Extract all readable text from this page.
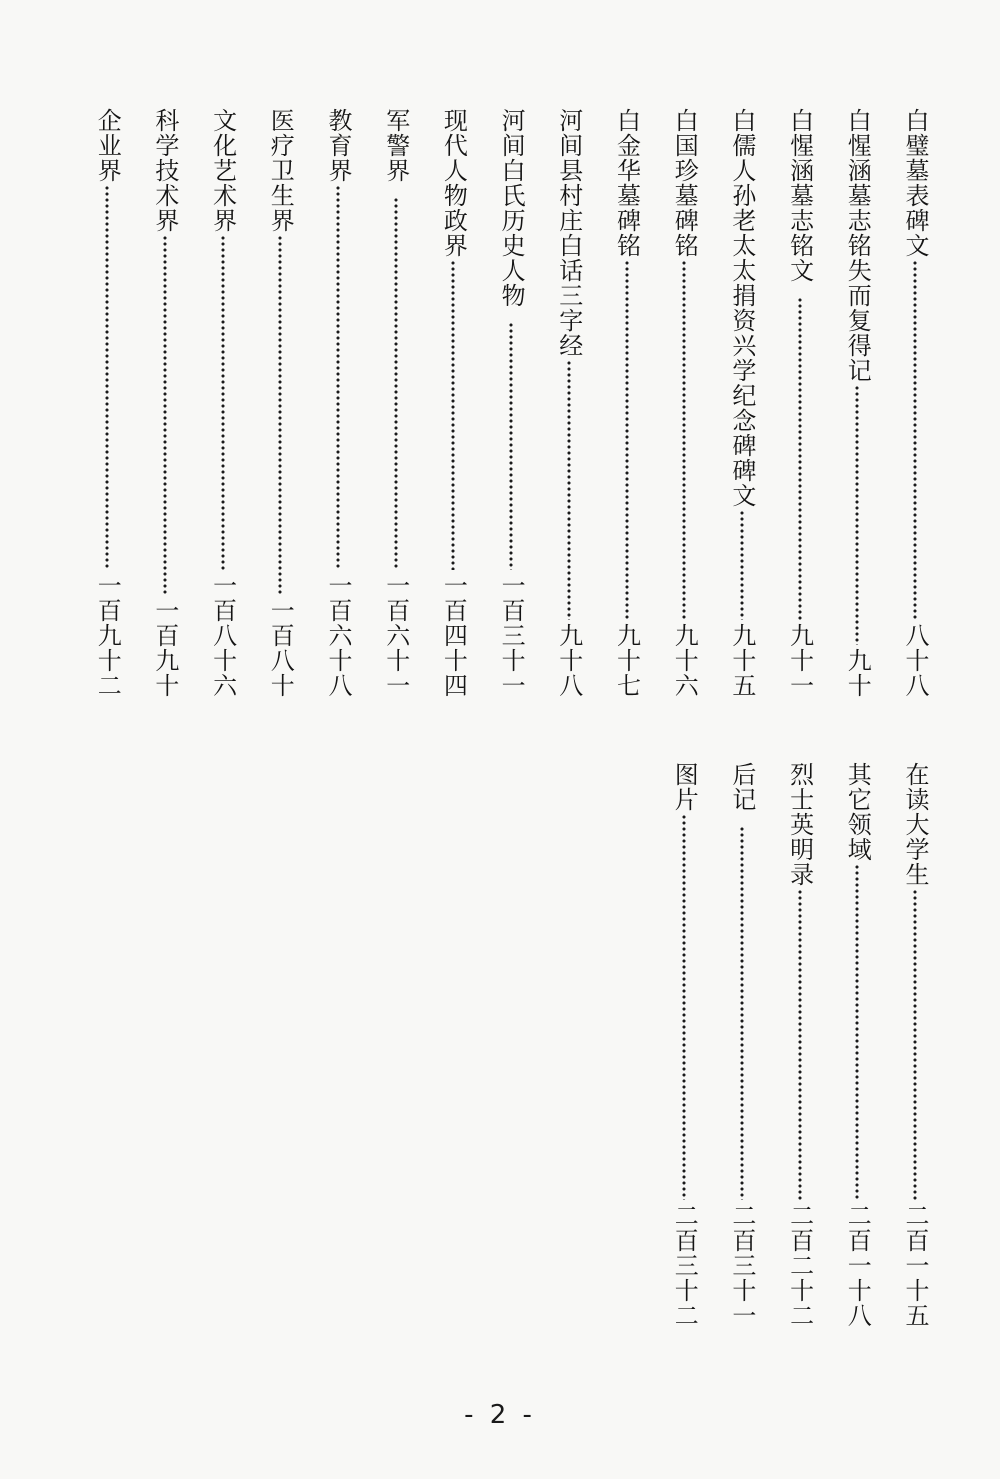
白璧墓表碑文
八十八
白惺涵墓志铭失而复得记
九十
白惺涵墓志铭文
九十一
白儒人孙老太太捐资兴学纪念碑碑文
九十五
白国珍墓碑铭
九十六
白金华墓碑铭
九十七
河间县村庄白话三字经
九十八
河间白氏历史人物
一百三十一
现代人物政界
一百四十四
军警界
一百六十一
教育界
一百六十八
医疗卫生界
一百八十
文化艺术界
一百八十六
科学技术界
一百九十
企业界
一百九十二
在读大学生
二百一十五
其它领域
二百一十八
烈士英明录
二百二十二
后记
二百三十一
图片
二百三十二
- 2 -
